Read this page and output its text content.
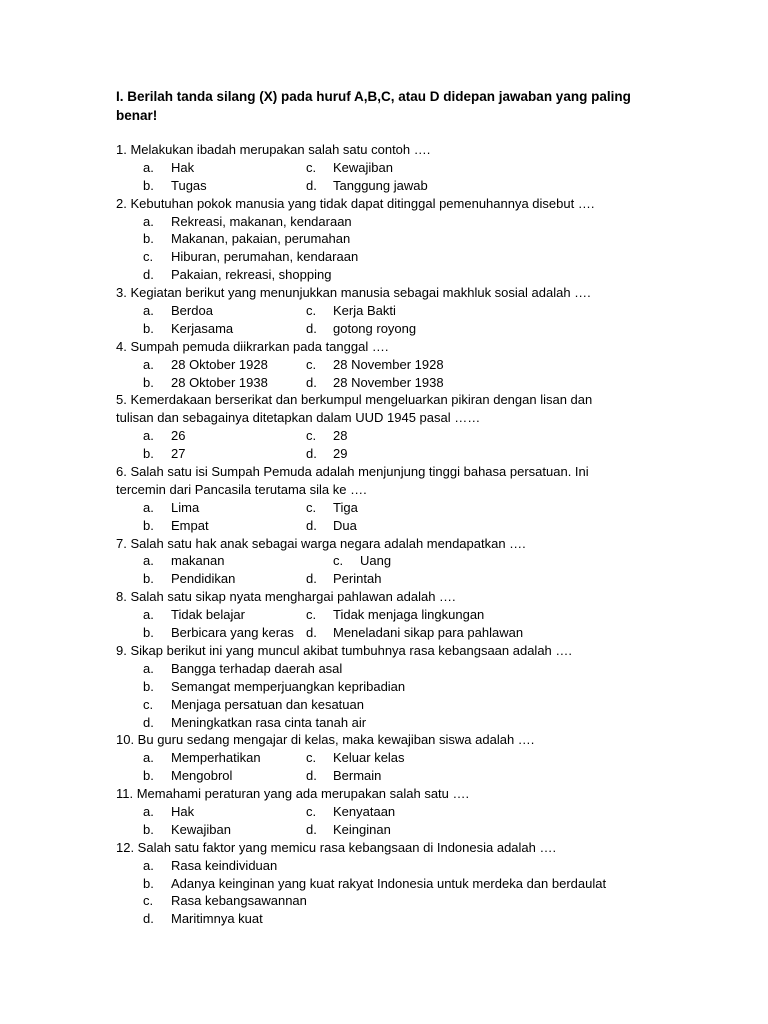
I. Berilah tanda silang (X) pada huruf A,B,C, atau D didepan jawaban yang paling benar!
1. Melakukan ibadah merupakan salah satu contoh ….
a. Hak	c. Kewajiban
b. Tugas	d. Tanggung jawab
2. Kebutuhan pokok manusia yang tidak dapat ditinggal pemenuhannya disebut ….
a. Rekreasi, makanan, kendaraan
b. Makanan, pakaian, perumahan
c. Hiburan, perumahan, kendaraan
d. Pakaian, rekreasi, shopping
3. Kegiatan berikut yang menunjukkan manusia sebagai makhluk sosial adalah ….
a. Berdoa	c. Kerja Bakti
b. Kerjasama	d. gotong royong
4. Sumpah pemuda diikrarkan pada tanggal ….
a. 28 Oktober 1928	c. 28 November 1928
b. 28 Oktober 1938	d. 28 November 1938
5. Kemerdakaan berserikat dan berkumpul mengeluarkan pikiran dengan lisan dan
tulisan dan sebagainya ditetapkan dalam UUD 1945 pasal ……
a. 26	c. 28
b. 27	d. 29
6. Salah satu isi Sumpah Pemuda adalah menjunjung tinggi bahasa persatuan. Ini
tercemin dari Pancasila terutama sila ke ….
a. Lima	c. Tiga
b. Empat	d. Dua
7. Salah satu hak anak sebagai warga negara adalah mendapatkan ….
a. makanan	c. Uang
b. Pendidikan	d. Perintah
8. Salah satu sikap nyata menghargai pahlawan adalah ….
a. Tidak belajar	c. Tidak menjaga lingkungan
b. Berbicara yang keras d. Meneladani sikap para pahlawan
9. Sikap berikut ini yang muncul akibat tumbuhnya rasa kebangsaan adalah ….
a. Bangga terhadap daerah asal
b. Semangat memperjuangkan kepribadian
c. Menjaga persatuan dan kesatuan
d. Meningkatkan rasa cinta tanah air
10. Bu guru sedang mengajar di kelas, maka kewajiban siswa adalah ….
a. Memperhatikan	c. Keluar kelas
b. Mengobrol	d. Bermain
11. Memahami peraturan yang ada merupakan salah satu ….
a. Hak	c. Kenyataan
b. Kewajiban	d. Keinginan
12. Salah satu faktor yang memicu rasa kebangsaan di Indonesia adalah ….
a. Rasa keindividuan
b. Adanya keinginan yang kuat rakyat Indonesia untuk merdeka dan berdaulat
c. Rasa kebangsawannan
d. Maritimnya kuat
